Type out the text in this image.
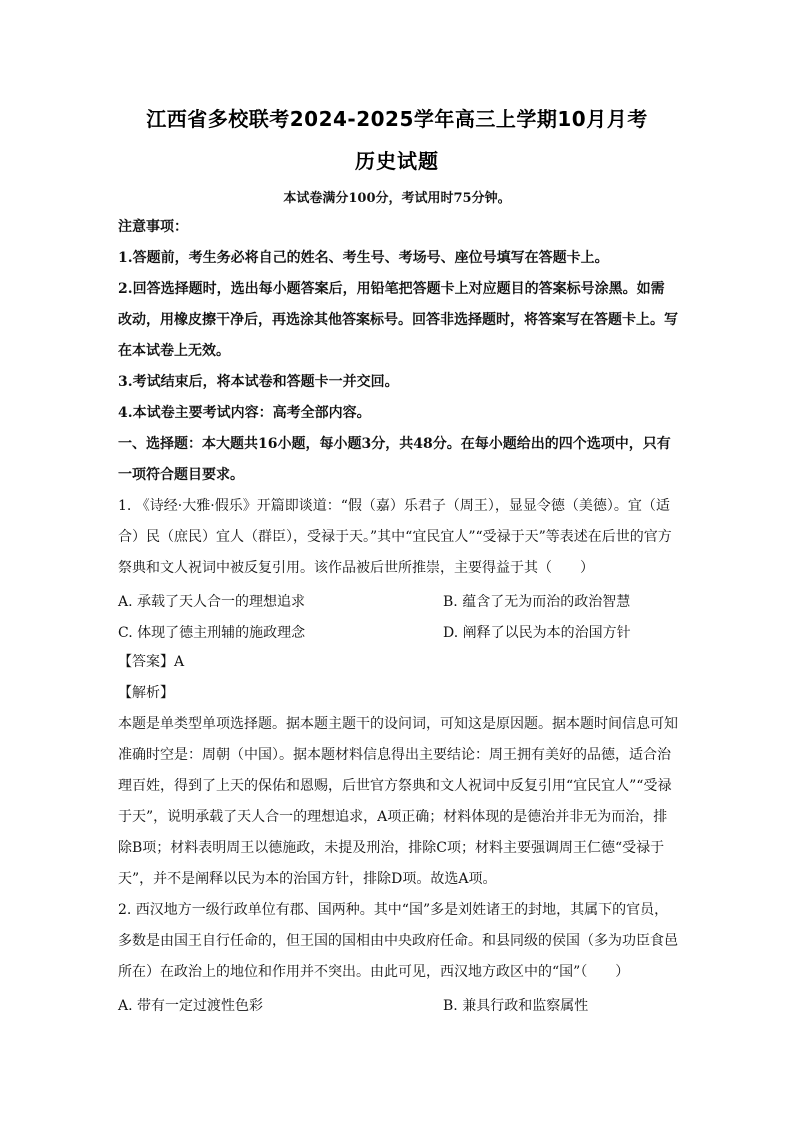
江西省多校联考2024-2025学年高三上学期10月月考
历史试题
本试卷满分100分，考试用时75分钟。
注意事项：
1.答题前，考生务必将自己的姓名、考生号、考场号、座位号填写在答题卡上。
2.回答选择题时，选出每小题答案后，用铅笔把答题卡上对应题目的答案标号涂黑。如需改动，用橡皮擦干净后，再选涂其他答案标号。回答非选择题时，将答案写在答题卡上。写在本试卷上无效。
3.考试结束后，将本试卷和答题卡一并交回。
4.本试卷主要考试内容：高考全部内容。
一、选择题：本大题共16小题，每小题3分，共48分。在每小题给出的四个选项中，只有一项符合题目要求。
1. 《诗经·大雅·假乐》开篇即谈道：“假（嘉）乐君子（周王），显显令德（美德）。宜（适合）民（庶民）宜人（群臣），受禄于天。”其中“宜民宜人”“受禄于天”等表述在后世的官方祭典和文人祝词中被反复引用。该作品被后世所推崇，主要得益于其（　　）
A. 承载了天人合一的理想追求	B. 蕴含了无为而治的政治智慧
C. 体现了德主刑辅的施政理念	D. 阐释了以民为本的治国方针
【答案】A
【解析】
本题是单类型单项选择题。据本题主题干的设问词，可知这是原因题。据本题时间信息可知准确时空是：周朝（中国）。据本题材料信息得出主要结论：周王拥有美好的品德，适合治理百姓，得到了上天的保佑和恩赐，后世官方祭典和文人祝词中反复引用“宜民宜人”“受禄于天”，说明承载了天人合一的理想追求，A项正确；材料体现的是德治并非无为而治，排除B项；材料表明周王以德施政，未提及刑治，排除C项；材料主要强调周王仁德“受禄于天”，并不是阐释以民为本的治国方针，排除D项。故选A项。
2. 西汉地方一级行政单位有郡、国两种。其中“国”多是刘姓诸王的封地，其属下的官员，多数是由国王自行任命的，但王国的国相由中央政府任命。和县同级的侯国（多为功臣食邑所在）在政治上的地位和作用并不突出。由此可见，西汉地方政区中的“国”（　　）
A. 带有一定过渡性色彩	B. 兼具行政和监察属性
